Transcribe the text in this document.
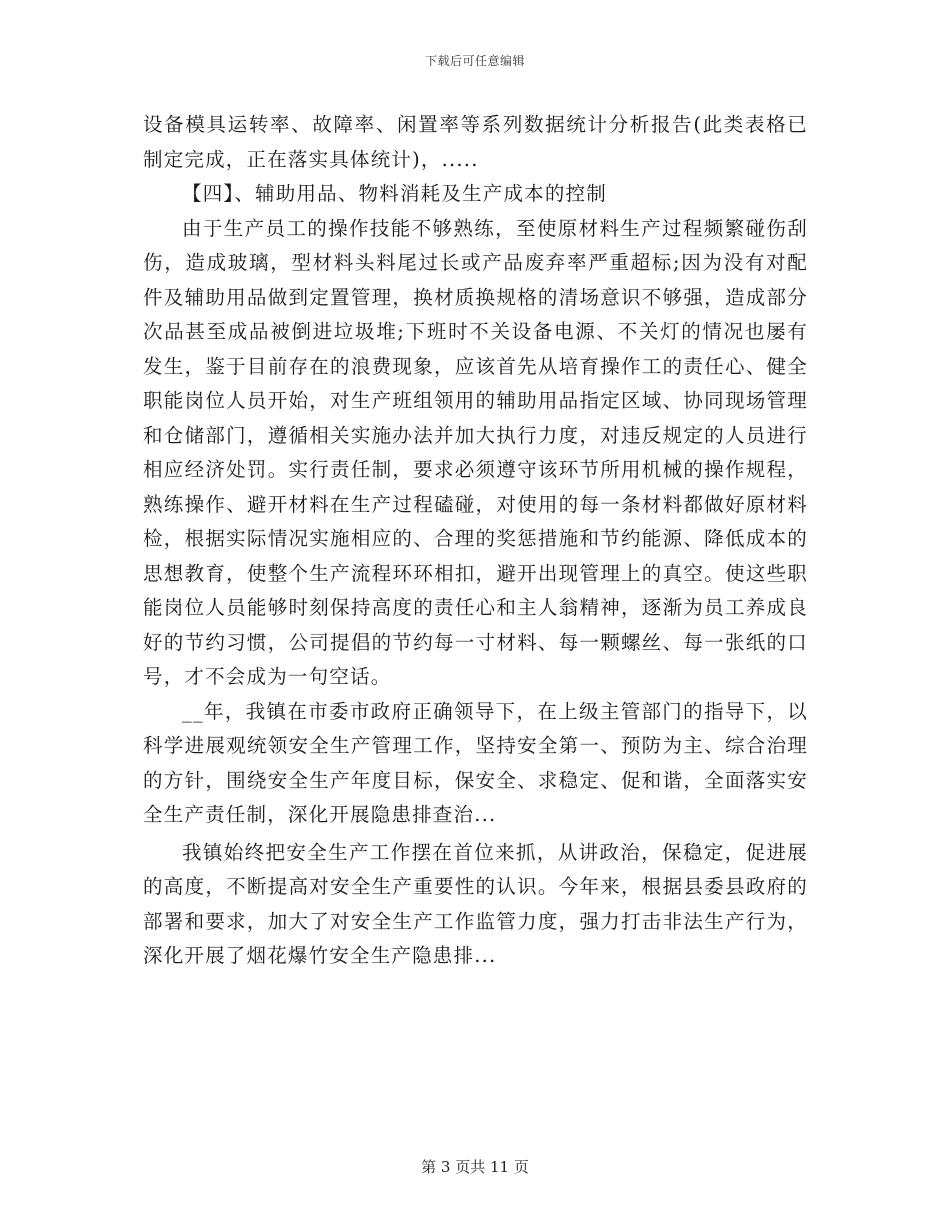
下载后可任意编辑

设备模具运转率、故障率、闲置率等系列数据统计分析报告(此类表格已制定完成，正在落实具体统计)，.....

【四】、辅助用品、物料消耗及生产成本的控制

由于生产员工的操作技能不够熟练，至使原材料生产过程频繁碰伤刮伤，造成玻璃，型材料头料尾过长或产品废弃率严重超标;因为没有对配件及辅助用品做到定置管理，换材质换规格的清场意识不够强，造成部分次品甚至成品被倒进垃圾堆;下班时不关设备电源、不关灯的情况也屡有发生，鉴于目前存在的浪费现象，应该首先从培育操作工的责任心、健全职能岗位人员开始，对生产班组领用的辅助用品指定区域、协同现场管理和仓储部门，遵循相关实施办法并加大执行力度，对违反规定的人员进行相应经济处罚。实行责任制，要求必须遵守该环节所用机械的操作规程，熟练操作、避开材料在生产过程磕碰，对使用的每一条材料都做好原材料检，根据实际情况实施相应的、合理的奖惩措施和节约能源、降低成本的思想教育，使整个生产流程环环相扣，避开出现管理上的真空。使这些职能岗位人员能够时刻保持高度的责任心和主人翁精神，逐渐为员工养成良好的节约习惯，公司提倡的节约每一寸材料、每一颗螺丝、每一张纸的口号，才不会成为一句空话。

__年，我镇在市委市政府正确领导下，在上级主管部门的指导下，以科学进展观统领安全生产管理工作，坚持安全第一、预防为主、综合治理的方针，围绕安全生产年度目标，保安全、求稳定、促和谐，全面落实安全生产责任制，深化开展隐患排查治...

我镇始终把安全生产工作摆在首位来抓，从讲政治，保稳定，促进展的高度，不断提高对安全生产重要性的认识。今年来，根据县委县政府的部署和要求，加大了对安全生产工作监管力度，强力打击非法生产行为，深化开展了烟花爆竹安全生产隐患排...

第 3 页共 11 页
